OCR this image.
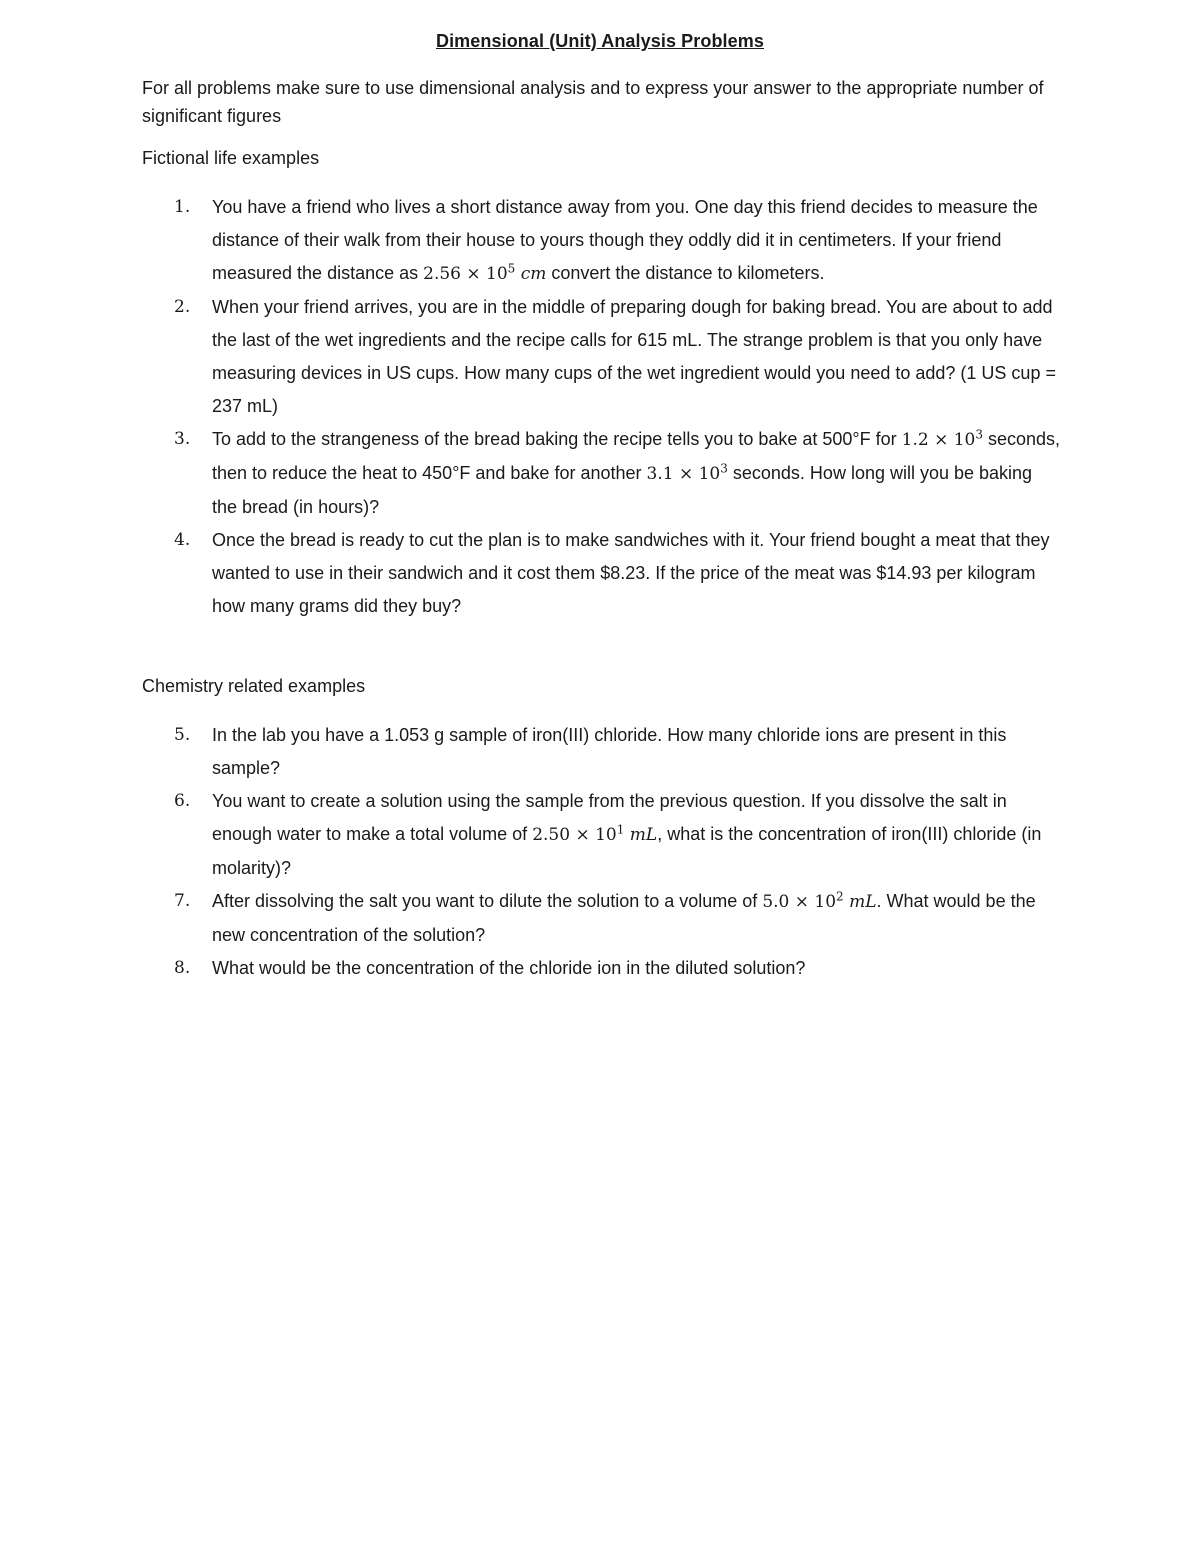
Dimensional (Unit) Analysis Problems
For all problems make sure to use dimensional analysis and to express your answer to the appropriate number of significant figures
Fictional life examples
1.	You have a friend who lives a short distance away from you. One day this friend decides to measure the distance of their walk from their house to yours though they oddly did it in centimeters. If your friend measured the distance as $2.56 \times 10^5$ cm convert the distance to kilometers.
2.	When your friend arrives, you are in the middle of preparing dough for baking bread. You are about to add the last of the wet ingredients and the recipe calls for 615 mL. The strange problem is that you only have measuring devices in US cups. How many cups of the wet ingredient would you need to add? (1 US cup = 237 mL)
3.	To add to the strangeness of the bread baking the recipe tells you to bake at 500°F for $1.2 \times 10^3$ seconds, then to reduce the heat to 450°F and bake for another $3.1 \times 10^3$ seconds. How long will you be baking the bread (in hours)?
4.	Once the bread is ready to cut the plan is to make sandwiches with it. Your friend bought a meat that they wanted to use in their sandwich and it cost them $8.23. If the price of the meat was $14.93 per kilogram how many grams did they buy?
Chemistry related examples
5.	In the lab you have a 1.053 g sample of iron(III) chloride. How many chloride ions are present in this sample?
6.	You want to create a solution using the sample from the previous question. If you dissolve the salt in enough water to make a total volume of $2.50 \times 10^1$ mL, what is the concentration of iron(III) chloride (in molarity)?
7.	After dissolving the salt you want to dilute the solution to a volume of $5.0 \times 10^2$ mL. What would be the new concentration of the solution?
8.	What would be the concentration of the chloride ion in the diluted solution?
